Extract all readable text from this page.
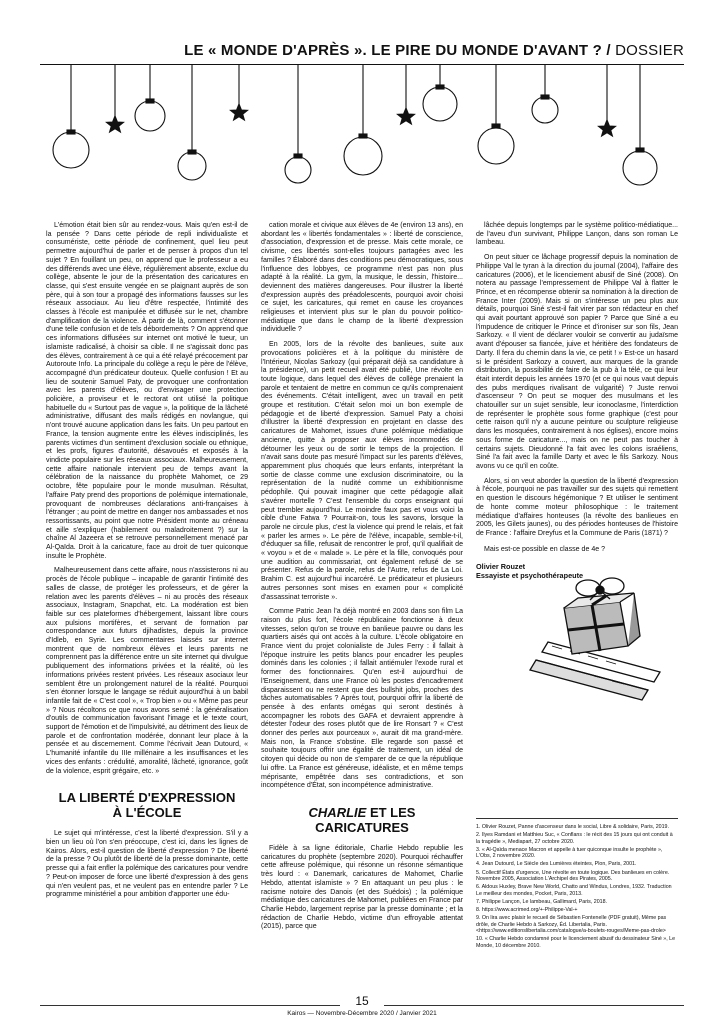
LE « MONDE D'APRÈS ». LE PIRE DU MONDE D'AVANT ? / DOSSIER

L'émotion était bien sûr au rendez-vous. Mais qu'en est-il de la pensée ? Dans cette période de repli individualiste et consumériste, cette période de confinement, quel lieu peut permettre aujourd'hui de parler et de penser à propos d'un tel sujet ? En fouillant un peu, on apprend que le professeur a eu des différends avec une élève, régulièrement absente, exclue du collège, absente le jour de la présentation des caricatures en classe, qui s'est ensuite vengée en se plaignant auprès de son père, qui à son tour a propagé des informations fausses sur les réseaux associaux. Au lieu d'être respectée, l'intimité des classes à l'école est manipulée et diffusée sur le net, chambre d'amplification de la violence. À partir de là, comment s'étonner d'une telle confusion et de tels débordements ? On apprend que ces informations diffusées sur internet ont motivé le tueur, un islamiste radicalisé, à choisir sa cible. Il ne s'agissait donc pas des élèves, contrairement à ce qui a été relayé précocement par Autoroute Info. La principale du collège a reçu le père de l'élève, accompagné d'un prédicateur douteux. Quelle confusion ! Et au lieu de soutenir Samuel Paty, de provoquer une confrontation avec les parents d'élèves, ou d'envisager une protection policière, a proviseur et le rectorat ont utilisé la politique habituelle du « Surtout pas de vague », la politique de la lâcheté administrative, diffusant des mails rédigés en novlangue, qui n'ont trouvé aucune application dans les faits. Un peu partout en France, la tension augmente entre les élèves indisciplinés, les parents victimes d'un sentiment d'exclusion sociale ou ethnique, et les profs, figures d'autorité, désavoués et exposés à la vindicte populaire sur les réseaux associaux. Malheureusement, cette affaire nationale intervient peu de temps avant la célébration de la naissance du prophète Mahomet, ce 29 octobre, fête populaire pour le monde musulman. Résultat, l'affaire Paty prend des proportions de polémique internationale, provoquant de nombreuses déclarations anti-françaises à l'étranger ; au point de mettre en danger nos ambassades et nos ressortissants, au point que notre Président monte au créneau et aille s'expliquer (habilement ou maladroitement ?) sur la chaîne Al Jazeera et se retrouve personnellement menacé par Al-Qaïda. Droit à la caricature, face au droit de tuer quiconque insulte le Prophète.

Malheureusement dans cette affaire, nous n'assisterons ni au procès de l'école publique – incapable de garantir l'intimité des salles de classe, de protéger les professeurs, et de gérer la relation avec les parents d'élèves – ni au procès des réseaux associaux, Instagram, Snapchat, etc. La modération est bien faible sur ces plateformes d'hébergement, laissant libre cours aux pulsions mortifères, et servant de formation par correspondance aux futurs djihadistes, depuis la province d'Idleb, en Syrie. Les commentaires laissés sur internet montrent que de nombreux élèves et leurs parents ne comprennent pas la différence entre un site internet qui divulgue publiquement des informations privées et la réalité, où les informations privées restent privées. Les réseaux asociaux leur semblent être un prolongement naturel de la réalité. Pourquoi s'en étonner lorsque le langage se réduit aujourd'hui à un babil infantile fait de « C'est cool », « Trop bien » ou « Même pas peur » ? Nous récoltons ce que nous avons semé : la généralisation d'outils de communication favorisant l'image et le texte court, support de l'émotion et de l'impulsivité, au détriment des lieux de parole et de confrontation modérée, donnant leur place à la pensée et au discernement. Comme l'écrivait Jean Dutourd, « L'humanité infantile du IIIe millénaire a les insuffisances et les vices des enfants : crédulité, amoralité, lâcheté, ignorance, goût de la violence, esprit grégaire, etc. »

LA LIBERTÉ D'EXPRESSION
À L'ÉCOLE

Le sujet qui m'intéresse, c'est la liberté d'expression. S'il y a bien un lieu où l'on s'en préoccupe, c'est ici, dans les lignes de Kairos. Alors, est-il question de liberté d'expression ? De liberté de la presse ? Ou plutôt de liberté de la presse dominante, cette presse qui a fait enfler la polémique des caricatures pour vendre ? Peut-on imposer de force une liberté d'expression à des gens qui n'en veulent pas, et ne veulent pas en entendre parler ? Le programme ministériel a pour ambition d'apporter une édu-

cation morale et civique aux élèves de 4e (environ 13 ans), en abordant les « libertés fondamentales » : liberté de conscience, d'association, d'expression et de presse. Mais cette morale, ce civisme, ces libertés sont-elles toujours partagées avec les familles ? Élaboré dans des conditions peu démocratiques, sous l'influence des lobbyes, ce programme n'est pas non plus adapté à la réalité. La gym, la musique, le dessin, l'histoire... deviennent des matières dangereuses. Pour illustrer la liberté d'expression auprès des préadolescents, pourquoi avoir choisi ce sujet, les caricatures, qui remet en cause les croyances religieuses et intervient plus sur le plan du pouvoir politico-médiatique que dans le champ de la liberté d'expression individuelle ?

En 2005, lors de la révolte des banlieues, suite aux provocations policières et à la politique du ministère de l'Intérieur, Nicolas Sarkozy (qui préparait déjà sa candidature à la présidence), un petit recueil avait été publié, Une révolte en toute logique, dans lequel des élèves de collège prenaient la parole et tentaient de mettre en commun ce qu'ils comprenaient des événements. C'était intelligent, avec un travail en petit groupe et restitution. C'était selon moi un bon exemple de pédagogie et de liberté d'expression. Samuel Paty a choisi d'illustrer la liberté d'expression en projetant en classe des caricatures de Mahomet, issues d'une polémique médiatique ancienne, quitte à proposer aux élèves incommodés de détourner les yeux ou de sortir le temps de la projection. Il n'avait sans doute pas mesuré l'impact sur les parents d'élèves, apparemment plus choqués que leurs enfants, interprétant la sortie de classe comme une exclusion discriminatoire, ou la représentation de la nudité comme un exhibitionnisme pédophile. Qui pouvait imaginer que cette pédagogie allait s'avérer mortelle ? C'est l'ensemble du corps enseignant qui peut trembler aujourd'hui. Le moindre faux pas et vous voici la cible d'une Fatwa ? Pourrait-on, tous les savons, lorsque la parole ne circule plus, c'est la violence qui prend le relais, et fait « parler les armes ». Le père de l'élève, incapable, semble-t-il, d'éduquer sa fille, refusait de rencontrer le prof, qu'il qualifiait de « voyou » et de « malade ». Le père et la fille, convoqués pour une audition au commissariat, ont également refusé de se présenter. Refus de la parole, refus de l'Autre, refus de La Loi. Brahim C. est aujourd'hui incarcéré. Le prédicateur et plusieurs autres personnes sont mises en examen pour « complicité d'assassinat terroriste ».

Comme Patric Jean l'a déjà montré en 2003 dans son film La raison du plus fort, l'école républicaine fonctionne à deux vitesses, selon qu'on se trouve en banlieue pauvre ou dans les quartiers aisés qui ont accès à la culture. L'école obligatoire en France vient du projet colonialiste de Jules Ferry : il fallait à l'époque instruire les petits blancs pour encadrer les peuples dominés dans les colonies ; il fallait antiémuler l'exode rural et former des fonctionnaires. Qu'en est-il aujourd'hui de l'Enseignement, dans une France où les postes d'encadrement disparaissent ou ne restent que des bullshit jobs, proches des tâches automatisables ? Après tout, pourquoi offrir la liberté de pensée à des enfants omégas qui seront destinés à accompagner les robots des GAFA et devraient apprendre à détester l'odeur des roses plutôt que de lire Ronsart ? « C'est donner des perles aux pourceaux », aurait dit ma grand-mère. Mais non, la France s'obstine. Elle regarde son passé et souhaite toujours offrir une égalité de traitement, un idéal de citoyen qui décide ou non de s'emparer de ce que la république lui offre. La France est généreuse, idéaliste, et en même temps méprisante, empêtrée dans ses contradictions, et son incompétence d'État, son incompétence administrative.

CHARLIE ET LES CARICATURES

Fidèle à sa ligne éditoriale, Charlie Hebdo republie les caricatures du prophète (septembre 2020). Pourquoi réchauffer cette affreuse polémique, qui résonne un résonne sémantique très lourd : « Danemark, caricatures de Mahomet, Charlie Hebdo, attentat islamiste » ? En attaquant un peu plus : le racisme notoire des Danois (et des Suédois) ; la polémique médiatique des caricatures de Mahomet, publiées en France par Charlie Hebdo, largement reprise par la presse dominante ; et la rédaction de Charlie Hebdo, victime d'un effroyable attentat (2015), parce que

lâchée depuis longtemps par le système politico-médiatique... de l'aveu d'un survivant, Philippe Lançon, dans son roman Le lambeau.

On peut situer ce lâchage progressif depuis la nomination de Philippe Val le tyran à la direction du journal (2004), l'affaire des caricatures (2006), et le licenciement abusif de Siné (2008). On notera au passage l'empressement de Philippe Val à flatter le Prince, et en récompense obtenir sa nomination à la direction de France Inter (2009). Mais si on s'intéresse un peu plus aux détails, pourquoi Siné s'est-il fait virer par son rédacteur en chef qui avait pourtant approuvé son papier ? Parce que Siné a eu l'impudence de critiquer le Prince et d'ironiser sur son fils, Jean Sarkozy. « Il vient de déclarer vouloir se convertir au judaïsme avant d'épouser sa fiancée, juive et héritière des fondateurs de Darty. Il fera du chemin dans la vie, ce petit ! » Est-ce un hasard si le président Sarkozy a couvert, aux marques de la grande distribution, la possibilité de faire de la pub à la télé, ce qui leur était interdit depuis les années 1970 (et ce qui nous vaut depuis des pubs merdiques rivalisant de vulgarité) ? Juste renvoi d'ascenseur ? On peut se moquer des musulmans et les chatouiller sur un sujet sensible, leur iconoclasme, l'interdiction de représenter le prophète sous forme graphique (c'est pour cette raison qu'il n'y a aucune peinture ou sculpture religieuse dans les mosquées, contrairement à nos églises), encore moins sous forme de caricature..., mais on ne peut pas toucher à certains sujets. Dieudonné l'a fait avec les colons israéliens, Siné l'a fait avec la famille Darty et avec le fils Sarkozy. Nous avons vu ce qu'il en coûte.

Alors, si on veut aborder la question de la liberté d'expression à l'école, pourquoi ne pas travailler sur des sujets qui remettent en question le discours hégémonique ? Et utiliser le sentiment de honte comme moteur philosophique : le traitement médiatique d'affaires honteuses (la révolte des banlieues en 2005, les Gilets jaunes), ou des périodes honteuses de l'histoire de France : l'affaire Dreyfus et la Commune de Paris (1871) ?

Mais est-ce possible en classe de 4e ?
Olivier Rouzet
Essayiste et psychothérapeute
1. Olivier Rouzet, Panne d'ascenseur dans le social, Libre & solidaire, Paris, 2019.
2. Ilyes Ramdani et Matthieu Suc, « Conflans : le récit des 15 jours qui ont conduit à la tragédie », Mediapart, 27 octobre 2020.
3. « Al-Qaïda menace Macron et appelle à tuer quiconque insulte le prophète », L'Obs, 2 novembre 2020.
4. Jean Dutourd, Le Siècle des Lumières éteintes, Plon, Paris, 2001.
5. Collectif États d'urgence, Une révolte en toute logique. Des banlieues en colère. Novembre 2005, Association L'Archipel des Pirates, 2005.
6. Aldous Huxley, Brave New World, Chatto and Windus, Londres, 1932. Traduction Le meilleur des mondes, Pocket, Paris, 2013.
7. Philippe Lançon, Le lambeau, Gallimard, Paris, 2018.
8. https://www.acrimed.org/+-Philippe-Val-+
9. On lira avec plaisir le recueil de Sébastien Fontenelle (PDF gratuit), Même pas drôle, de Charlie Hebdo à Sarkozy, Éd. Libertalia, Paris. <https://www.editionslibertalia.com/catalogue/a-boulets-rouges/Meme-pas-drole>
10. « Charlie Hebdo condamné pour le licenciement abusif du dessinateur Siné », Le Monde, 10 décembre 2010.
15
Kairos — Novembre-Décembre 2020 / Janvier 2021
